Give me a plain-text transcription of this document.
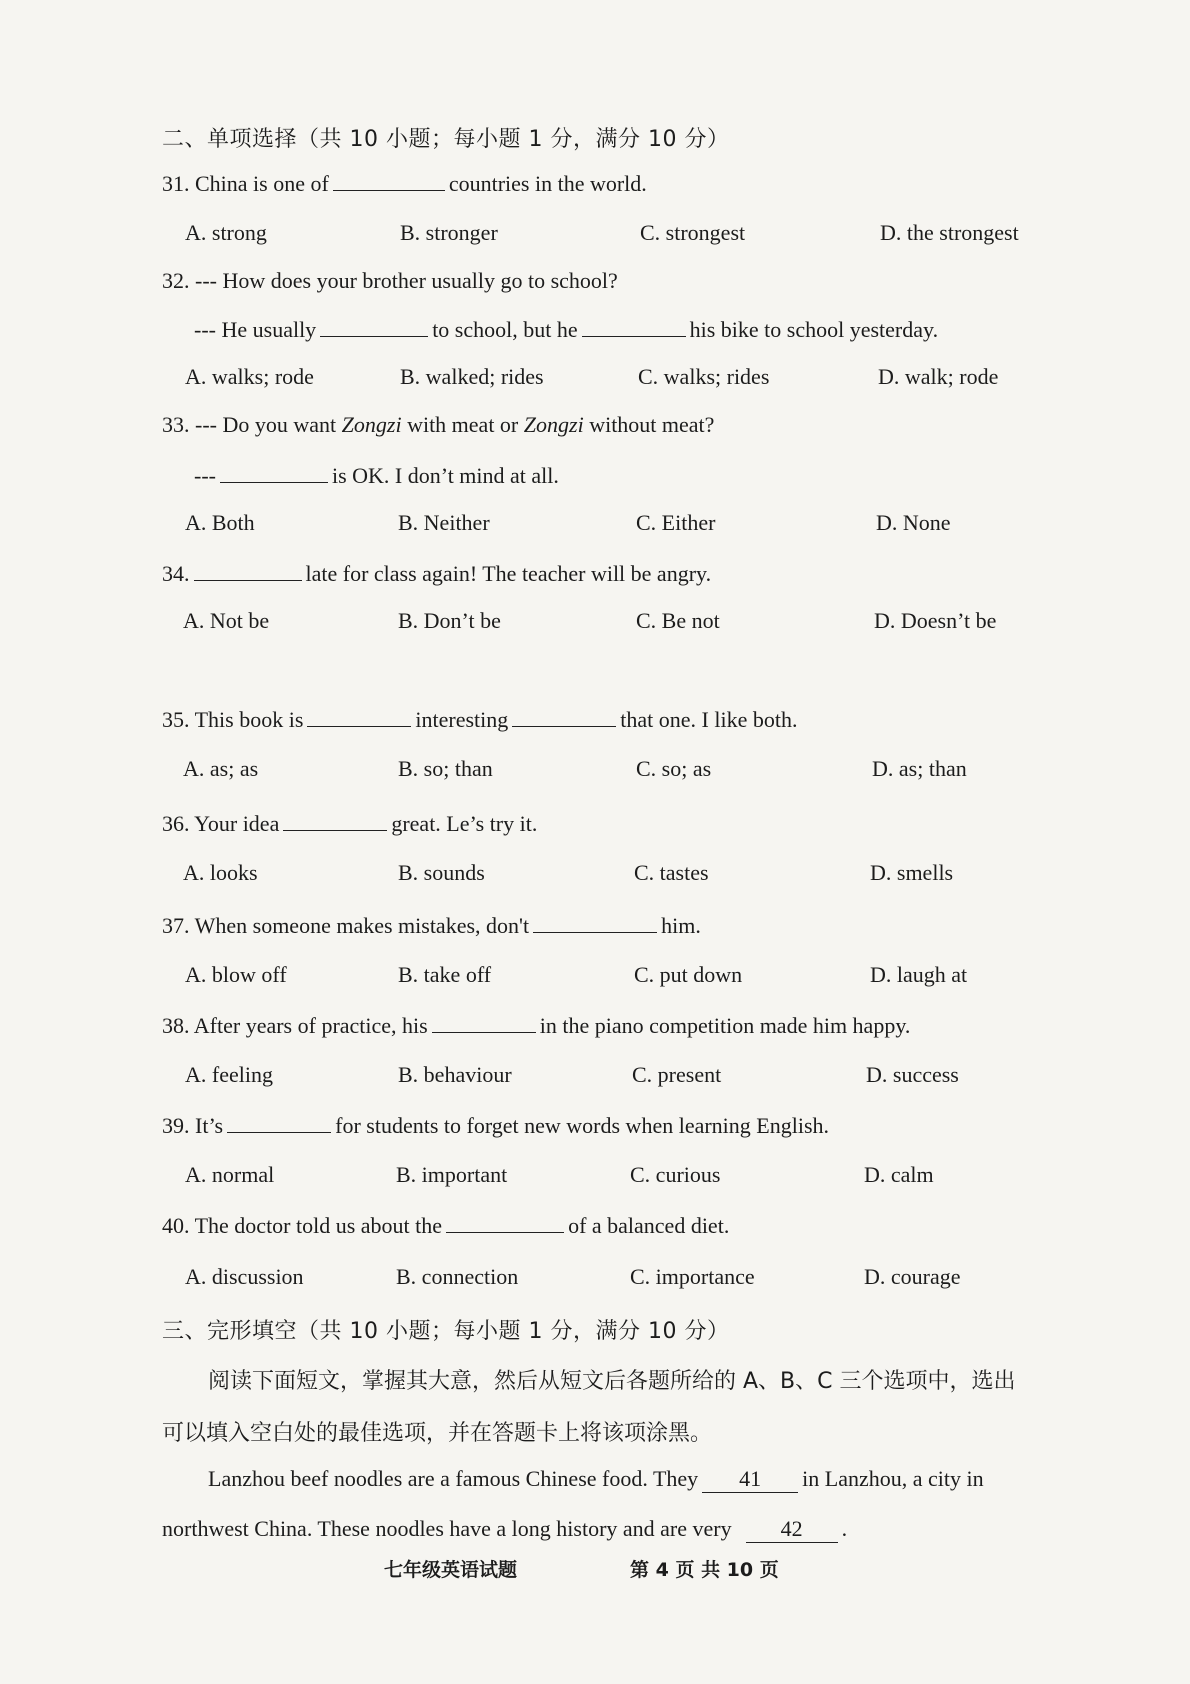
二、单项选择（共 10 小题；每小题 1 分，满分 10 分）
31. China is one of	countries in the world.
A. strong	B. stronger	C. strongest	D. the strongest
32. --- How does your brother usually go to school?
--- He usually	to school, but he	his bike to school yesterday.
A. walks; rode	B. walked; rides	C. walks; rides	D. walk; rode
33. --- Do you want Zongzi with meat or Zongzi without meat?
---	is OK. I don’t mind at all.
A. Both	B. Neither	C. Either	D. None
34.	late for class again! The teacher will be angry.
A. Not be	B. Don’t be	C. Be not	D. Doesn’t be
35. This book is	interesting	that one. I like both.
A. as; as	B. so; than	C. so; as	D. as; than
36. Your idea	great. Le’s try it.
A. looks	B. sounds	C. tastes	D. smells
37. When someone makes mistakes, don't	him.
A. blow off	B. take off	C. put down	D. laugh at
38. After years of practice, his	in the piano competition made him happy.
A. feeling	B. behaviour	C. present	D. success
39. It’s	for students to forget new words when learning English.
A. normal	B. important	C. curious	D. calm
40. The doctor told us about the	of a balanced diet.
A. discussion	B. connection	C. importance	D. courage
三、完形填空（共 10 小题；每小题 1 分，满分 10 分）
阅读下面短文，掌握其大意，然后从短文后各题所给的 A、B、C 三个选项中，选出
可以填入空白处的最佳选项，并在答题卡上将该项涂黑。
Lanzhou beef noodles are a famous Chinese food. They 41 in Lanzhou, a city in
northwest China. These noodles have a long history and are very 42 .
七年级英语试题	第 4 页 共 10 页
